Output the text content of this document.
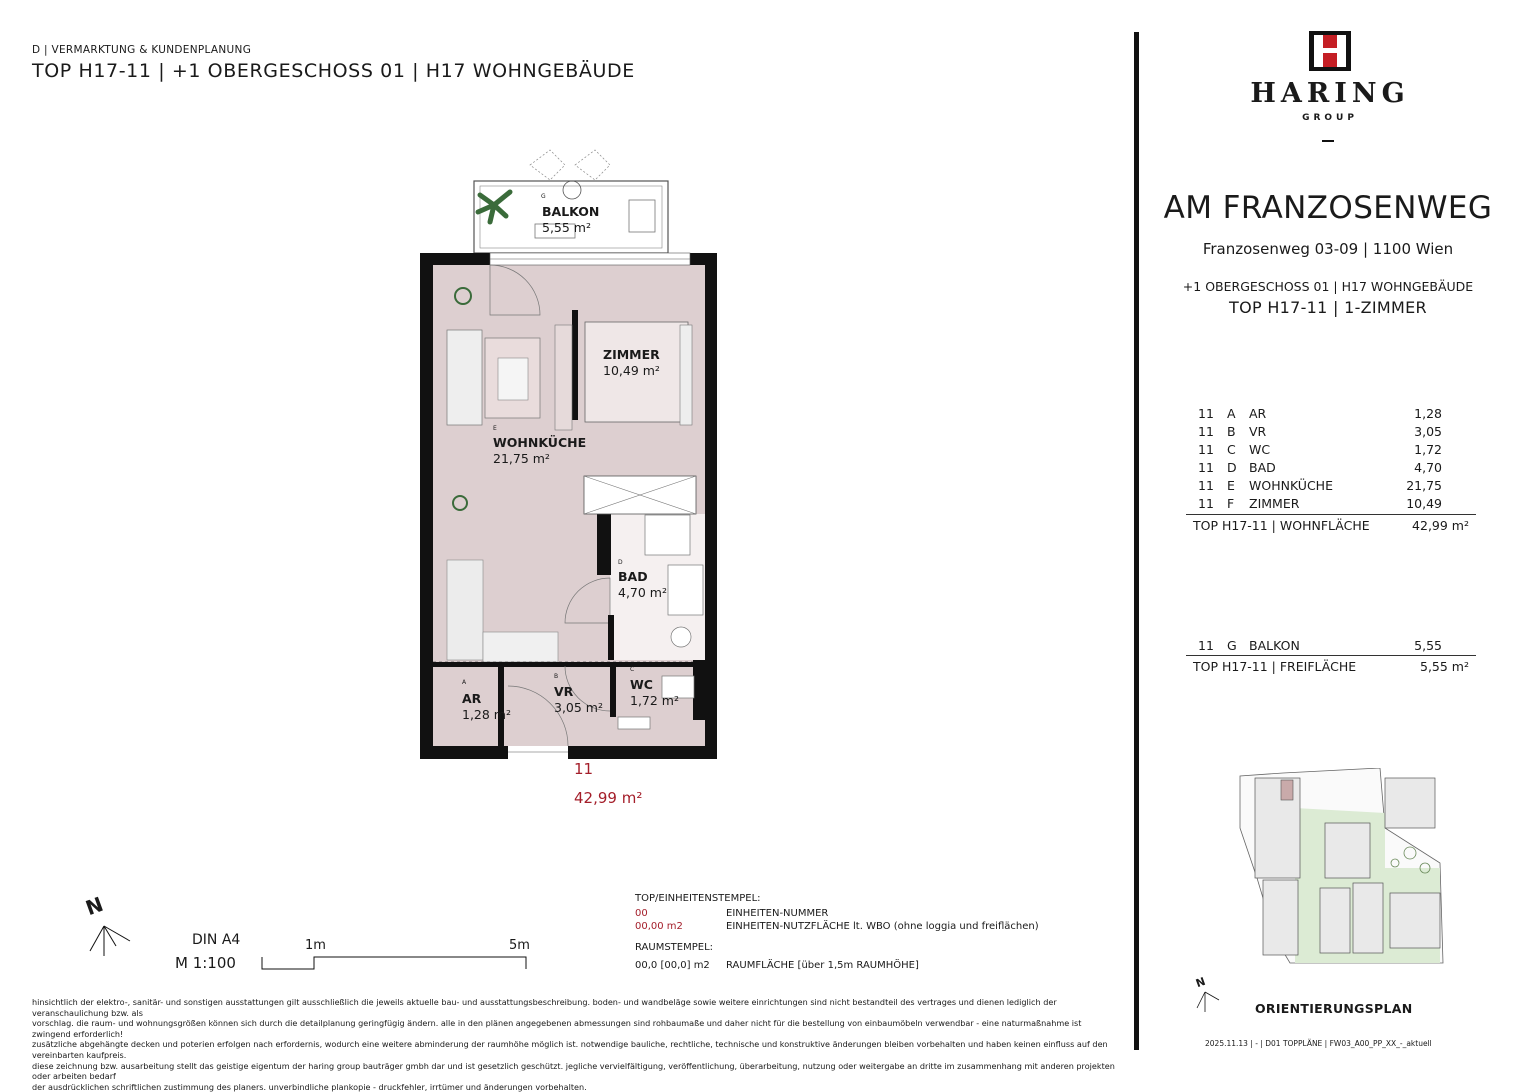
D | VERMARKTUNG & KUNDENPLANUNG
TOP H17-11 | +1 OBERGESCHOSS 01 | H17 WOHNGEBÄUDE
HARING
GROUP
AM FRANZOSENWEG
Franzosenweg 03-09 | 1100 Wien
+1 OBERGESCHOSS 01 | H17 WOHNGEBÄUDE
TOP H17-11 | 1-ZIMMER
11 A AR	1,28
11 B VR	3,05
11 C WC	1,72
11 D BAD	4,70
11 E WOHNKÜCHE	21,75
11 F ZIMMER	10,49
TOP H17-11 | WOHNFLÄCHE	42,99 m²
11 G BALKON	5,55
TOP H17-11 | FREIFLÄCHE	5,55 m²
BALKON
5,55 m²
ZIMMER
10,49 m²
WOHNKÜCHE
21,75 m²
BAD
4,70 m²
AR
1,28 m²
VR
3,05 m²
WC
1,72 m²
G
E
D
A
B
C
11
42,99 m²
N
DIN A4
M 1:100
1m	5m
TOP/EINHEITENSTEMPEL:
00	EINHEITEN-NUMMER
00,00 m2	EINHEITEN-NUTZFLÄCHE lt. WBO (ohne loggia und freiflächen)
RAUMSTEMPEL:
00,0 [00,0] m2 RAUMFLÄCHE [über 1,5m RAUMHÖHE]
hinsichtlich der elektro-, sanitär- und sonstigen ausstattungen gilt ausschließlich die jeweils aktuelle bau- und ausstattungsbeschreibung. boden- und wandbeläge sowie weitere einrichtungen sind nicht bestandteil des vertrages und dienen lediglich der veranschaulichung bzw. als
vorschlag. die raum- und wohnungsgrößen können sich durch die detailplanung geringfügig ändern. alle in den plänen angegebenen abmessungen sind rohbaumaße und daher nicht für die bestellung von einbaumöbeln verwendbar - eine naturmaßnahme ist zwingend erforderlich!
zusätzliche abgehängte decken und poterien erfolgen nach erfordernis, wodurch eine weitere abminderung der raumhöhe möglich ist. notwendige bauliche, rechtliche, technische und konstruktive änderungen bleiben vorbehalten und haben keinen einfluss auf den vereinbarten kaufpreis.
diese zeichnung bzw. ausarbeitung stellt das geistige eigentum der haring group bauträger gmbh dar und ist gesetzlich geschützt. jegliche vervielfältigung, veröffentlichung, überarbeitung, nutzung oder weitergabe an dritte im zusammenhang mit anderen projekten oder arbeiten bedarf
der ausdrücklichen schriftlichen zustimmung des planers. unverbindliche plankopie - druckfehler, irrtümer und änderungen vorbehalten.
N
ORIENTIERUNGSPLAN
2025.11.13 | - | D01 TOPPLÄNE | FW03_A00_PP_XX_-_aktuell
